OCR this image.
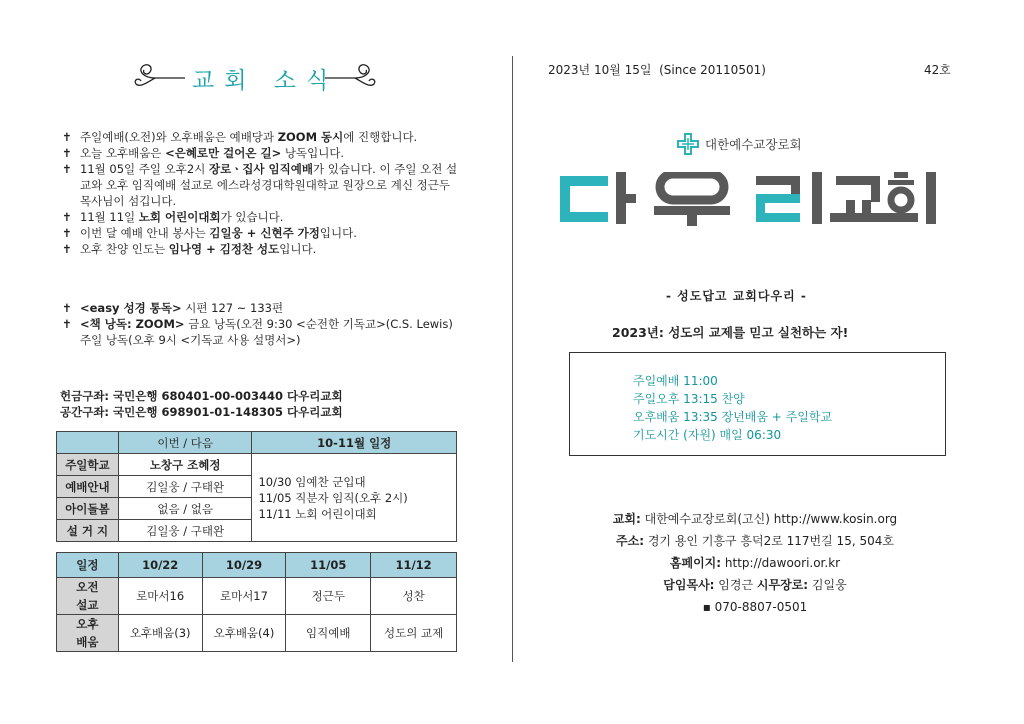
교회 소식
✝ 주일예배(오전)와 오후배움은 예배당과 ZOOM 동시에 진행합니다.
✝ 오늘 오후배움은 <은혜로만 걸어온 길> 낭독입니다.
✝ 11월 05일 주일 오후2시 장로ㆍ집사 임직예배가 있습니다. 이 주일 오전 설교와 오후 임직예배 설교로 에스라성경대학원대학교 원장으로 계신 정근두 목사님이 섬깁니다.
✝ 11월 11일 노회 어린이대회가 있습니다.
✝ 이번 달 예배 안내 봉사는 김일웅 + 신현주 가정입니다.
✝ 오후 찬양 인도는 임나영 + 김정찬 성도입니다.
✝ <easy 성경 통독> 시편 127 ~ 133편
✝ <책 낭독: ZOOM> 금요 낭독(오전 9:30 <순전한 기독교>(C.S. Lewis) 주일 낭독(오후 9시 <기독교 사용 설명서>)
헌금구좌: 국민은행 680401-00-003440 다우리교회
공간구좌: 국민은행 698901-01-148305 다우리교회
	이번 / 다음	10-11월 일정
주일학교	노창구 조혜정	10/30 임예찬 군입대
11/05 직분자 임직(오후 2시)
11/11 노회 어린이대회

예배안내	김일웅 / 구태완	
아이돌봄	없음 / 없음	
설 거 지	김일웅 / 구태완	
일정	10/22	10/29	11/05	11/12
오전
설교	로마서16	로마서17	정근두	성찬
오후
배움	오후배움(3)	오후배움(4)	임직예배	성도의 교제
2023년 10월 15일  (Since 20110501)	42호
대한예수교장로회
- 성도답고 교회다우리 -
2023년: 성도의 교제를 믿고 실천하는 자!
주일예배 11:00
주일오후 13:15 찬양
오후배움 13:35 장년배움 + 주일학교
기도시간 (자원) 매일 06:30
교회: 대한예수교장로회(고신) http://www.kosin.org
주소: 경기 용인 기흥구 흥덕2로 117번길 15, 504호
홈페이지: http://dawoori.or.kr
담임목사: 임경근 시무장로: 김일웅
▪ 070-8807-0501
